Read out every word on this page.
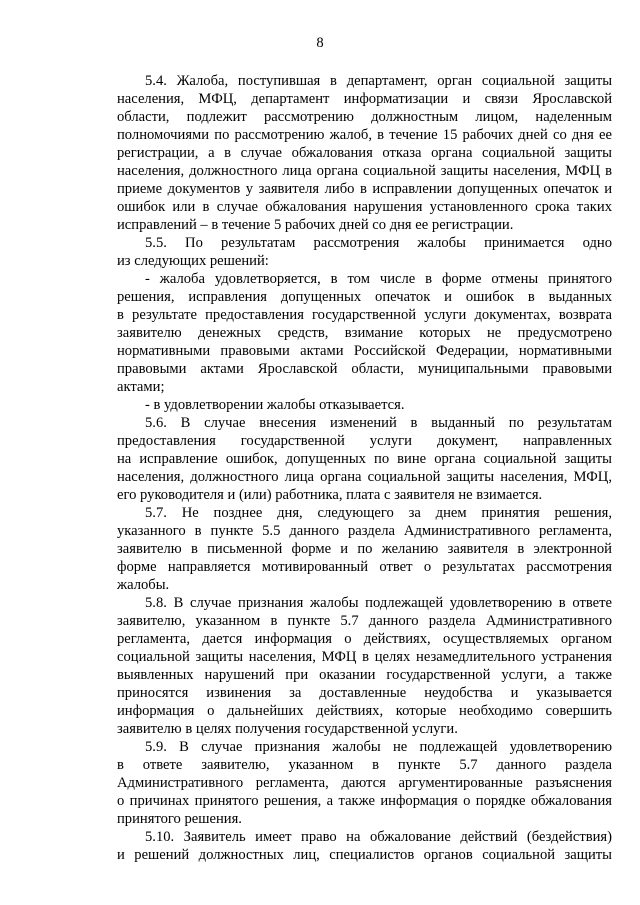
8
5.4. Жалоба, поступившая в департамент, орган социальной защиты
населения, МФЦ, департамент информатизации и связи Ярославской
области, подлежит рассмотрению должностным лицом, наделенным
полномочиями по рассмотрению жалоб, в течение 15 рабочих дней со дня ее
регистрации, а в случае обжалования отказа органа социальной защиты
населения, должностного лица органа социальной защиты населения, МФЦ в
приеме документов у заявителя либо в исправлении допущенных опечаток и
ошибок или в случае обжалования нарушения установленного срока таких
исправлений – в течение 5 рабочих дней со дня ее регистрации.
5.5. По результатам рассмотрения жалобы принимается одно
из следующих решений:
- жалоба удовлетворяется, в том числе в форме отмены принятого
решения, исправления допущенных опечаток и ошибок в выданных
в результате предоставления государственной услуги документах, возврата
заявителю денежных средств, взимание которых не предусмотрено
нормативными правовыми актами Российской Федерации, нормативными
правовыми актами Ярославской области, муниципальными правовыми
актами;
- в удовлетворении жалобы отказывается.
5.6. В случае внесения изменений в выданный по результатам
предоставления государственной услуги документ, направленных
на исправление ошибок, допущенных по вине органа социальной защиты
населения, должностного лица органа социальной защиты населения, МФЦ,
его руководителя и (или) работника, плата с заявителя не взимается.
5.7. Не позднее дня, следующего за днем принятия решения,
указанного в пункте 5.5 данного раздела Административного регламента,
заявителю в письменной форме и по желанию заявителя в электронной
форме направляется мотивированный ответ о результатах рассмотрения
жалобы.
5.8. В случае признания жалобы подлежащей удовлетворению в ответе
заявителю, указанном в пункте 5.7 данного раздела Административного
регламента, дается информация о действиях, осуществляемых органом
социальной защиты населения, МФЦ в целях незамедлительного устранения
выявленных нарушений при оказании государственной услуги, а также
приносятся извинения за доставленные неудобства и указывается
информация о дальнейших действиях, которые необходимо совершить
заявителю в целях получения государственной услуги.
5.9. В случае признания жалобы не подлежащей удовлетворению
в ответе заявителю, указанном в пункте 5.7 данного раздела
Административного регламента, даются аргументированные разъяснения
о причинах принятого решения, а также информация о порядке обжалования
принятого решения.
5.10. Заявитель имеет право на обжалование действий (бездействия)
и решений должностных лиц, специалистов органов социальной защиты
